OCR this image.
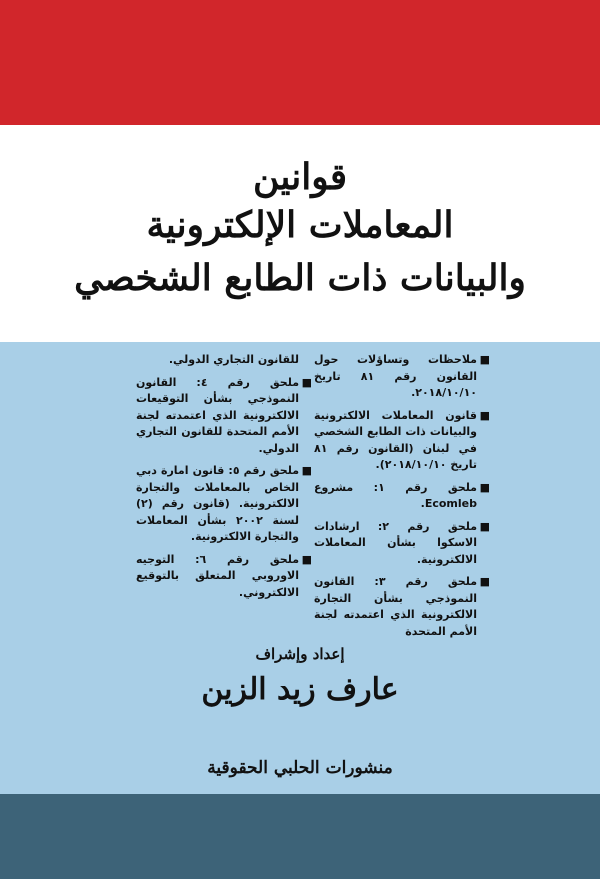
قوانين
المعاملات الإلكترونية
والبيانات ذات الطابع الشخصي
■
ملاحظات وتساؤلات حول القانون رقم ٨١ تاريخ ٢٠١٨/١٠/١٠.
■
قانون المعاملات الالكترونية والبيانات ذات الطابع الشخصي في لبنان (القانون رقم ٨١ تاريخ ٢٠١٨/١٠/١٠).
■
ملحق رقم ١: مشروع Ecomleb.
■
ملحق رقم ٢: ارشادات الاسكوا بشأن المعاملات الالكترونية.
■
ملحق رقم ٣: القانون النموذجي بشأن التجارة الالكترونية الذي اعتمدته لجنة الأمم المتحدة
للقانون التجاري الدولي.
■
ملحق رقم ٤: القانون النموذجي بشأن التوقيعات الالكترونية الذي اعتمدته لجنة الأمم المتحدة للقانون التجاري الدولي.
■
ملحق رقم ٥: قانون امارة دبي الخاص بالمعاملات والتجارة الالكترونية. (قانون رقم (٢) لسنة ٢٠٠٢ بشأن المعاملات والتجارة الالكترونية.
■
ملحق رقم ٦: التوجيه الاوروبي المتعلق بالتوقيع الالكتروني.
إعداد وإشراف
عارف زيد الزين
منشورات الحلبي الحقوقية
